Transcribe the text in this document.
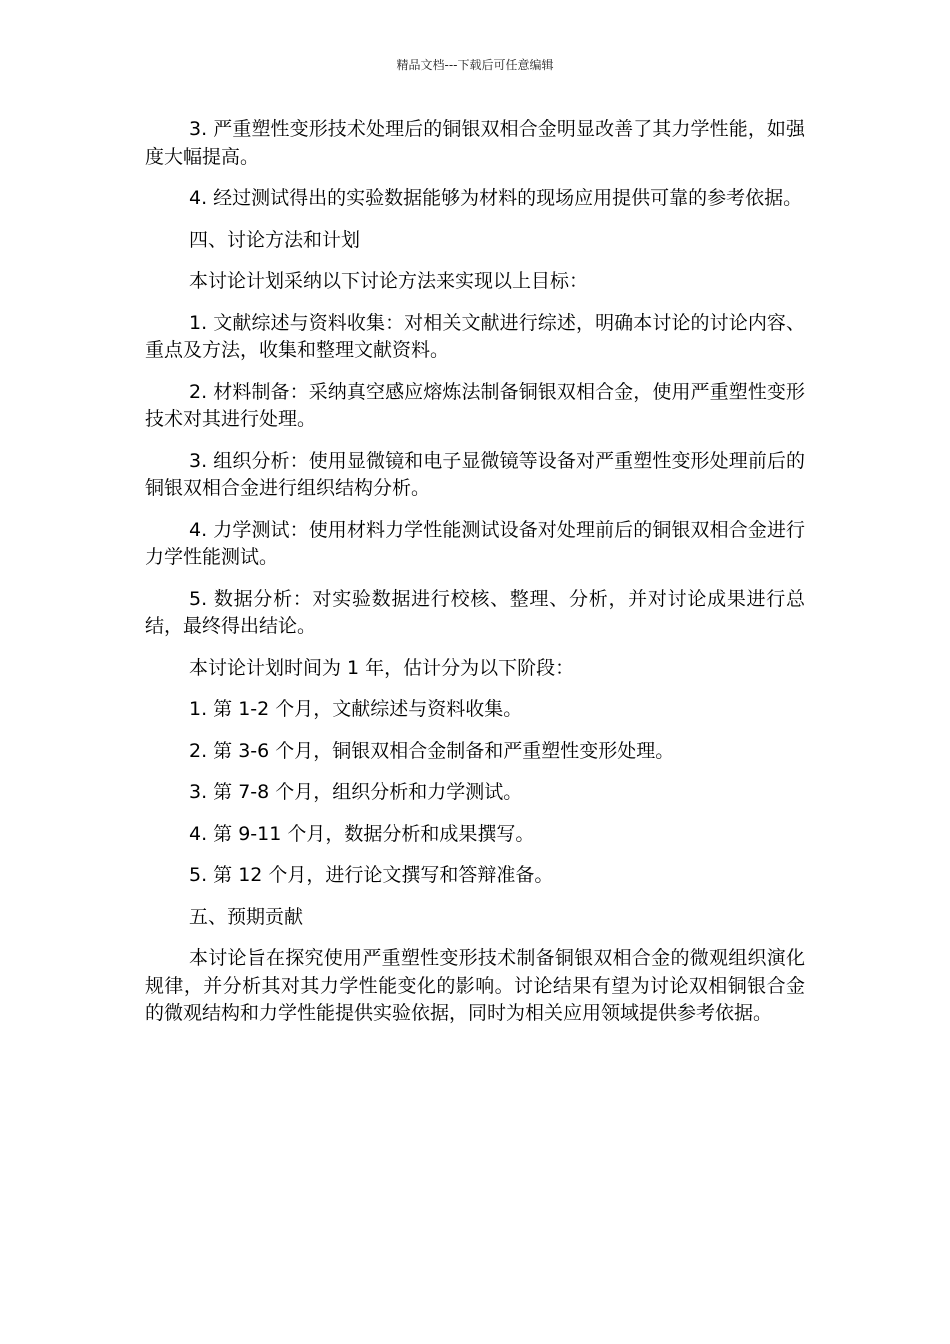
精品文档---下载后可任意编辑

3. 严重塑性变形技术处理后的铜银双相合金明显改善了其力学性能，如强度大幅提高。

4. 经过测试得出的实验数据能够为材料的现场应用提供可靠的参考依据。

四、讨论方法和计划

本讨论计划采纳以下讨论方法来实现以上目标：

1. 文献综述与资料收集：对相关文献进行综述，明确本讨论的讨论内容、重点及方法，收集和整理文献资料。

2. 材料制备：采纳真空感应熔炼法制备铜银双相合金，使用严重塑性变形技术对其进行处理。

3. 组织分析：使用显微镜和电子显微镜等设备对严重塑性变形处理前后的铜银双相合金进行组织结构分析。

4. 力学测试：使用材料力学性能测试设备对处理前后的铜银双相合金进行力学性能测试。

5. 数据分析：对实验数据进行校核、整理、分析，并对讨论成果进行总结，最终得出结论。

本讨论计划时间为 1 年，估计分为以下阶段：

1. 第 1-2 个月，文献综述与资料收集。

2. 第 3-6 个月，铜银双相合金制备和严重塑性变形处理。

3. 第 7-8 个月，组织分析和力学测试。

4. 第 9-11 个月，数据分析和成果撰写。

5. 第 12 个月，进行论文撰写和答辩准备。

五、预期贡献

本讨论旨在探究使用严重塑性变形技术制备铜银双相合金的微观组织演化规律，并分析其对其力学性能变化的影响。讨论结果有望为讨论双相铜银合金的微观结构和力学性能提供实验依据，同时为相关应用领域提供参考依据。
